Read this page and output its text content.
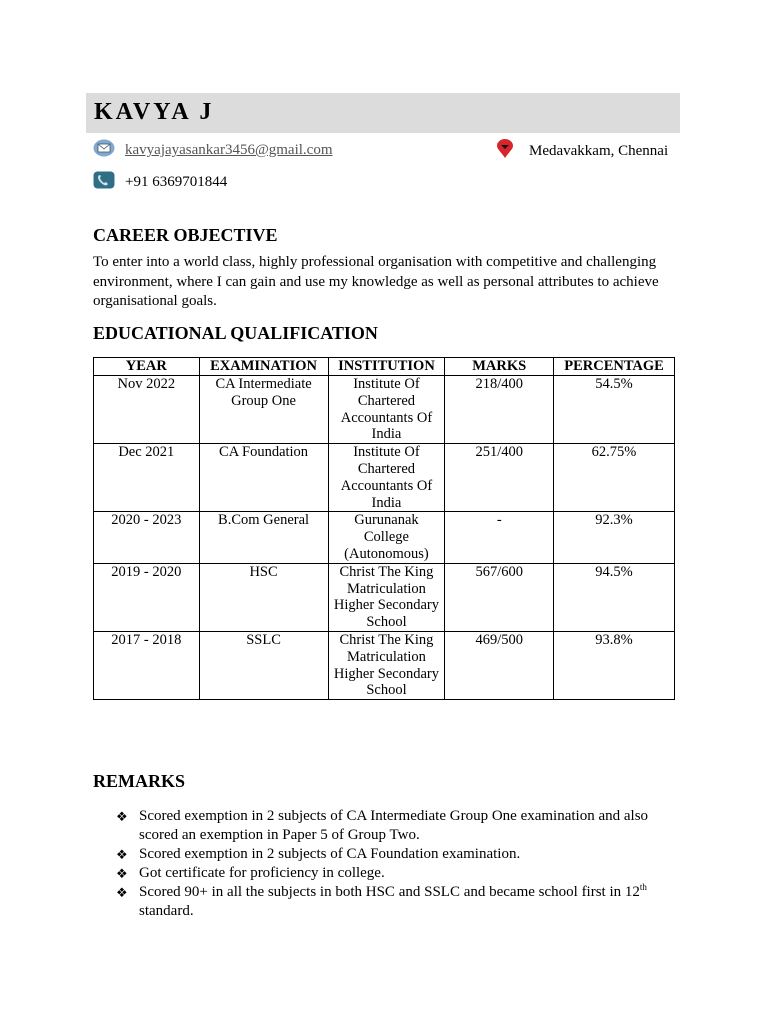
KAVYA J
kavyajayasankar3456@gmail.com	Medavakkam, Chennai
+91 6369701844
CAREER OBJECTIVE
To enter into a world class, highly professional organisation with competitive and challenging environment, where I can gain and use my knowledge as well as personal attributes to achieve organisational goals.
EDUCATIONAL QUALIFICATION
YEAR	EXAMINATION	INSTITUTION	MARKS	PERCENTAGE
Nov 2022	CA Intermediate Group One	Institute Of Chartered Accountants Of India	218/400	54.5%
Dec 2021	CA Foundation	Institute Of Chartered Accountants Of India	251/400	62.75%
2020 - 2023	B.Com General	Gurunanak College (Autonomous)	-	92.3%
2019 - 2020	HSC	Christ The King Matriculation Higher Secondary School	567/600	94.5%
2017 - 2018	SSLC	Christ The King Matriculation Higher Secondary School	469/500	93.8%
REMARKS
❖ Scored exemption in 2 subjects of CA Intermediate Group One examination and also scored an exemption in Paper 5 of Group Two.
❖ Scored exemption in 2 subjects of CA Foundation examination.
❖ Got certificate for proficiency in college.
❖ Scored 90+ in all the subjects in both HSC and SSLC and became school first in 12th standard.
